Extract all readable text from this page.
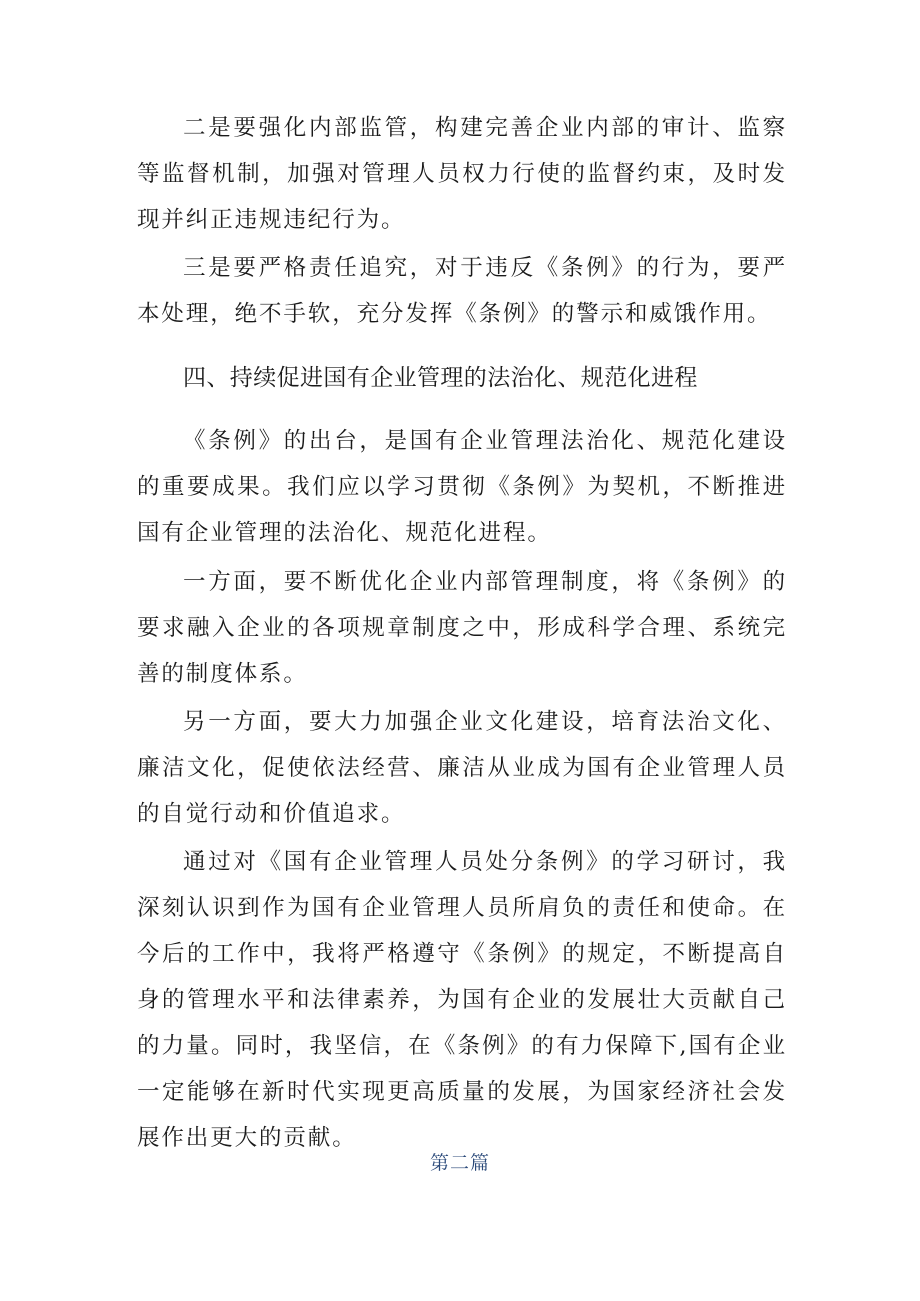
二是要强化内部监管，构建完善企业内部的审计、监察等监督机制，加强对管理人员权力行使的监督约束，及时发现并纠正违规违纪行为。

三是要严格责任追究，对于违反《条例》的行为，要严本处理，绝不手软，充分发挥《条例》的警示和威饿作用。

四、持续促进国有企业管理的法治化、规范化进程

《条例》的出台，是国有企业管理法治化、规范化建设的重要成果。我们应以学习贯彻《条例》为契机，不断推进国有企业管理的法治化、规范化进程。

一方面，要不断优化企业内部管理制度，将《条例》的要求融入企业的各项规章制度之中，形成科学合理、系统完善的制度体系。

另一方面，要大力加强企业文化建设，培育法治文化、廉洁文化，促使依法经营、廉洁从业成为国有企业管理人员的自觉行动和价值追求。

通过对《国有企业管理人员处分条例》的学习研讨，我深刻认识到作为国有企业管理人员所肩负的责任和使命。在今后的工作中，我将严格遵守《条例》的规定，不断提高自身的管理水平和法律素养，为国有企业的发展壮大贡献自己的力量。同时，我坚信，在《条例》的有力保障下,国有企业一定能够在新时代实现更高质量的发展，为国家经济社会发展作出更大的贡献。

第二篇
